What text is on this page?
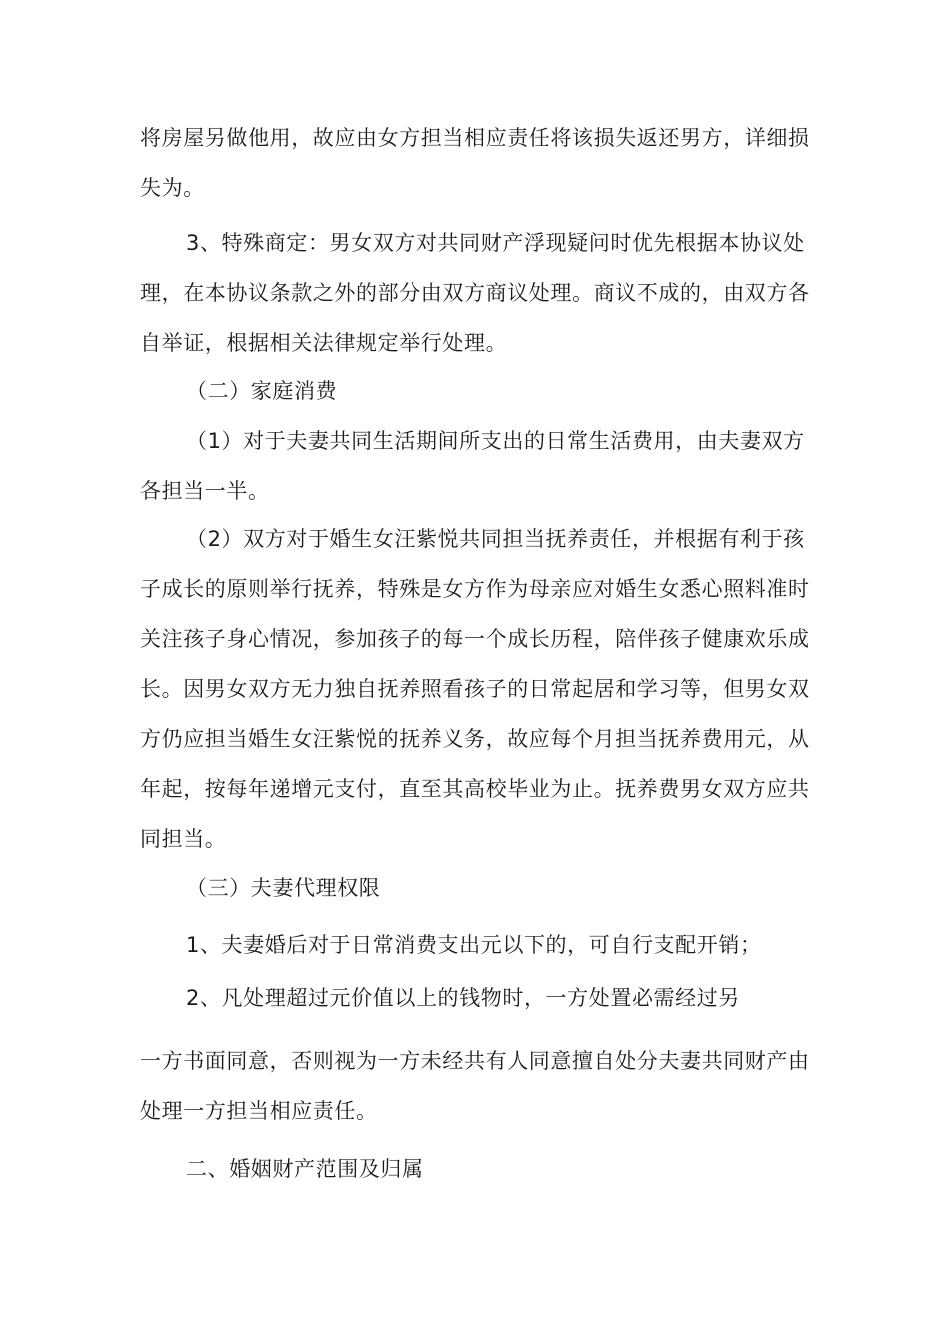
将房屋另做他用，故应由女方担当相应责任将该损失返还男方，详细损失为。

3、特殊商定：男女双方对共同财产浮现疑问时优先根据本协议处理，在本协议条款之外的部分由双方商议处理。商议不成的，由双方各自举证，根据相关法律规定举行处理。

（二）家庭消费

（1）对于夫妻共同生活期间所支出的日常生活费用，由夫妻双方各担当一半。

（2）双方对于婚生女汪紫悦共同担当抚养责任，并根据有利于孩子成长的原则举行抚养，特殊是女方作为母亲应对婚生女悉心照料准时关注孩子身心情况，参加孩子的每一个成长历程，陪伴孩子健康欢乐成长。因男女双方无力独自抚养照看孩子的日常起居和学习等，但男女双方仍应担当婚生女汪紫悦的抚养义务，故应每个月担当抚养费用元，从年起，按每年递增元支付，直至其高校毕业为止。抚养费男女双方应共同担当。

（三）夫妻代理权限

1、夫妻婚后对于日常消费支出元以下的，可自行支配开销；

2、凡处理超过元价值以上的钱物时，一方处置必需经过另

一方书面同意，否则视为一方未经共有人同意擅自处分夫妻共同财产由处理一方担当相应责任。

二、婚姻财产范围及归属
